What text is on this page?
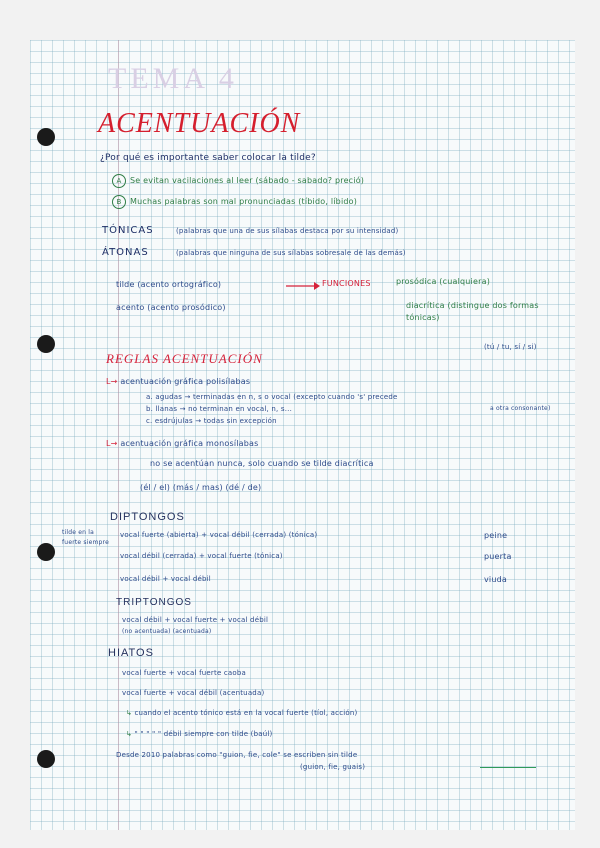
TEMA 4
ACENTUACIÓN
¿Por qué es importante saber colocar la tilde?
A Se evitan vacilaciones al leer (sábado - sabado? preció)
B Muchas palabras son mal pronunciadas (tíbido, líbido)
TÓNICAS	(palabras que una de sus sílabas destaca por su intensidad)
ÁTONAS	(palabras que ninguna de sus sílabas sobresale de las demás)
tilde (acento ortográfico)	FUNCIONES	prosódica (cualquiera)
diacrítica (distingue dos formas tónicas)
acento (acento prosódico)
(tú / tu, sí / si)
REGLAS ACENTUACIÓN
L→ acentuación gráfica polisílabas
a. agudas → terminadas en n, s o vocal (excepto cuando 's' precede
b. llanas → no terminan en vocal, n, s...
c. esdrújulas → todas sin excepción
a otra consonante)
L→ acentuación gráfica monosílabas
no se acentúan nunca, solo cuando se tilde diacrítica
(él / el) (más / mas) (dé / de)
DIPTONGOS
tilde en la fuerte siempre
vocal fuerte (abierta) + vocal débil (cerrada) (tónica)	peine
vocal débil (cerrada) + vocal fuerte (tónica)	puerta
vocal débil + vocal débil	viuda
TRIPTONGOS
vocal débil + vocal fuerte + vocal débil
(no acentuada) (acentuada)
HIATOS
vocal fuerte + vocal fuerte caoba
vocal fuerte + vocal débil (acentuada)
↳ cuando el acento tónico está en la vocal fuerte (tíol, acción)
↳ " " " " " débil siempre con tilde (baúl)
Desde 2010 palabras como "guion, fie, cole" se escriben sin tilde
(guion, fie, guais)
